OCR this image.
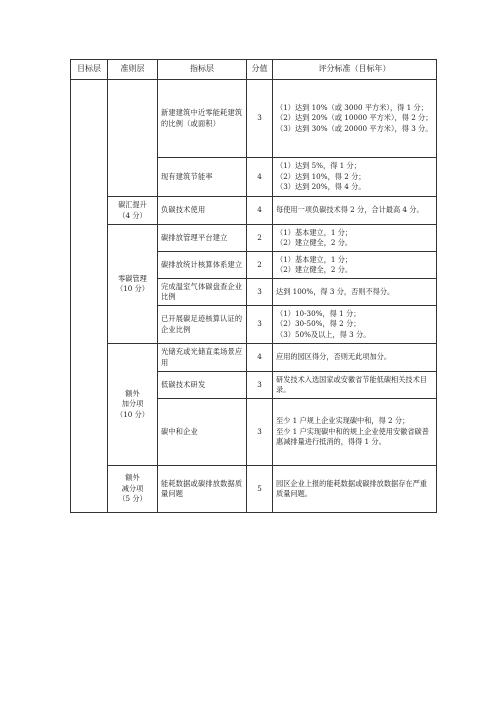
目标层	准则层	指标层	分值	评分标准（目标年）
		新建建筑中近零能耗建筑的比例（或面积）	3	（1）达到 10%（或 3000 平方米），得 1 分；
（2）达到 20%（或 10000 平方米），得 2 分；
（3）达到 30%（或 20000 平方米），得 3 分。

		现有建筑节能率	4	（1）达到 5%，得 1 分；
（2）达到 10%，得 2 分；
（3）达到 20%，得 4 分。

	碳汇提升
（4 分）	负碳技术使用	4	每使用一项负碳技术得 2 分，合计最高 4 分。

	零碳管理
（10 分）	碳排放管理平台建立	2	（1）基本建立，1 分；
（2）建立健全，2 分。

		碳排放统计核算体系建立	2	（1）基本建立，1 分；
（2）建立健全，2 分。

		完成温室气体碳盘查企业比例	3	达到 100%，得 3 分，否则不得分。

		已开展碳足迹核算认证的企业比例	3	（1）10-30%，得 1 分；
（2）30-50%，得 2 分；
（3）50%及以上，得 3 分。

	额外
加分项
（10 分）	光储充或光储直柔场景应用	4	应用的园区得分，否则无此项加分。

		低碳技术研发	3	研发技术入选国家或安徽省节能低碳相关技术目录。

		碳中和企业	3	至少 1 户规上企业实现碳中和，得 2 分；
至少 1 户实现碳中和的规上企业使用安徽省碳普惠减排量进行抵消的，得得 1 分。

	额外
减分项
（5 分）	能耗数据或碳排放数据质量问题	5	园区企业上报的能耗数据或碳排放数据存在严重质量问题。
